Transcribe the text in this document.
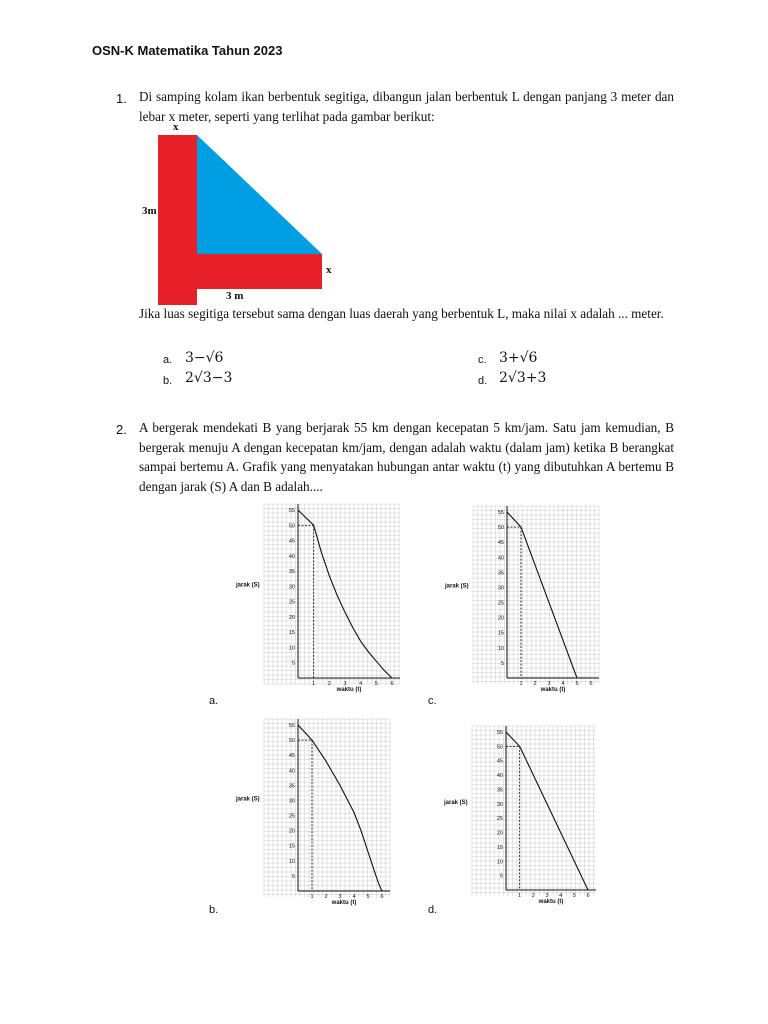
OSN-K Matematika Tahun 2023
1. Di samping kolam ikan berbentuk segitiga, dibangun jalan berbentuk L dengan panjang 3 meter dan lebar x meter, seperti yang terlihat pada gambar berikut:
x
3m
x
3 m
Jika luas segitiga tersebut sama dengan luas daerah yang berbentuk L, maka nilai x adalah ... meter.
a. 3−√6	c. 3+√6
b. 2√3−3	d. 2√3+3
2. A bergerak mendekati B yang berjarak 55 km dengan kecepatan 5 km/jam. Satu jam kemudian, B bergerak menuju A dengan kecepatan km/jam, dengan adalah waktu (dalam jam) ketika B berangkat sampai bertemu A. Grafik yang menyatakan hubungan antar waktu (t) yang dibutuhkan A bertemu B dengan jarak (S) A dan B adalah....
5
10
15
20
25
30
35
40
45
50
55
1 2 3 4 5 6
jarak (S)
waktu (t)
a.
5
10
15
20
25
30
35
40
45
50
55
1 2 3 4 5 6
jarak (S)
waktu (t)
c.
5
10
15
20
25
30
35
40
45
50
55
1 2 3 4 5 6
jarak (S)
waktu (t)
b.
5
10
15
20
25
30
35
40
45
50
55
1 2 3 4 5 6
jarak (S)
waktu (t)
d.
